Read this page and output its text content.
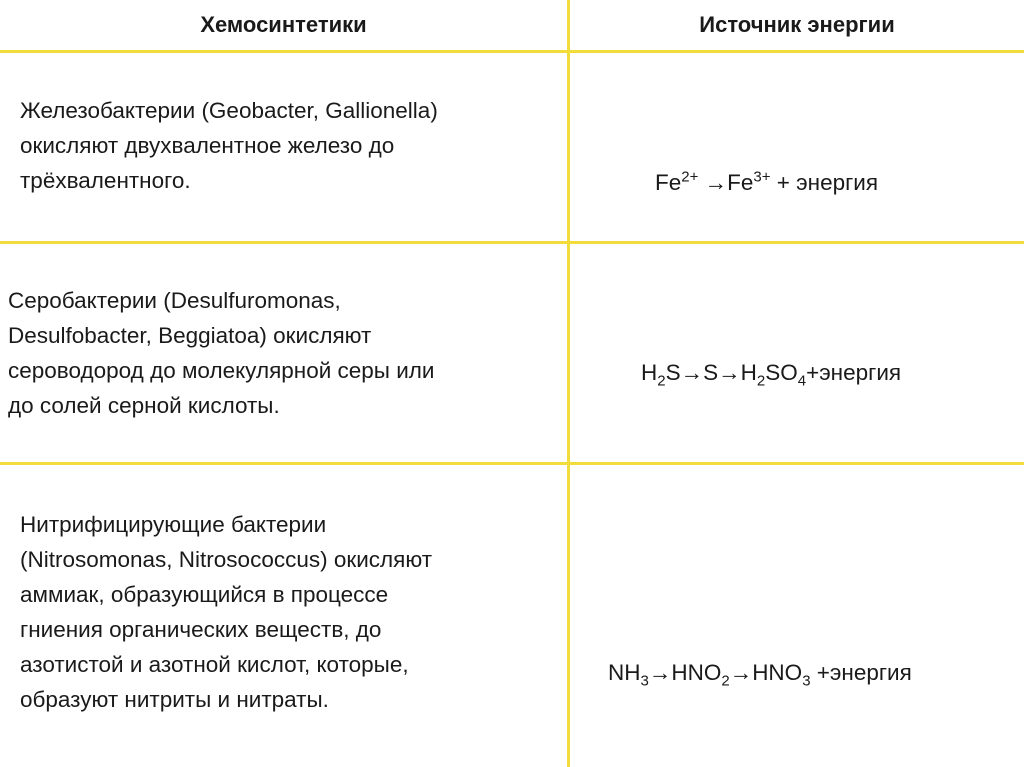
Хемосинтетики	Источник энергии
Железобактерии (Geobacter, Gallionella)
окисляют двухвалентное железо до
трёхвалентного.	$Fe^{2+} \to Fe^{3+}$ + энергия
Серобактерии (Desulfuromonas,
Desulfobacter, Beggiatoa) окисляют
сероводород до молекулярной серы или
до солей серной кислоты.
$H_2S\to S\to H_2SO_4+энергия$
Нитрифицирующие бактерии
(Nitrosomonas, Nitrosococcus) окисляют
аммиак, образующийся в процессе
гниения органических веществ, до
азотистой и азотной кислот, которые,
образуют нитриты и нитраты.
$NH_3\to HNO_2\to HNO_3$ +энергия
